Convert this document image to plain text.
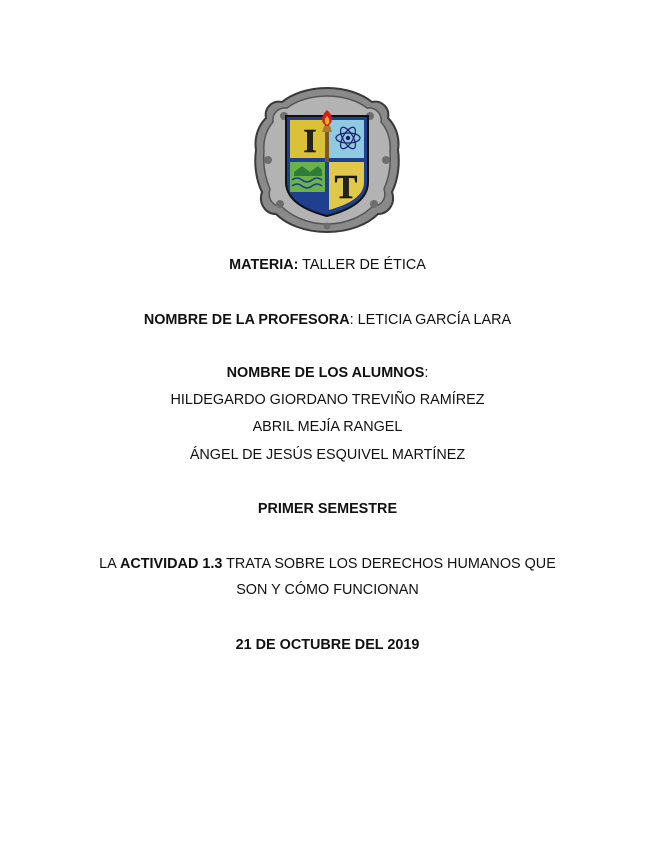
I
T
MATERIA: TALLER DE ÉTICA
NOMBRE DE LA PROFESORA: LETICIA GARCÍA LARA
NOMBRE DE LOS ALUMNOS:
HILDEGARDO GIORDANO TREVIÑO RAMÍREZ
ABRIL MEJÍA RANGEL
ÁNGEL DE JESÚS ESQUIVEL MARTÍNEZ
PRIMER SEMESTRE
LA ACTIVIDAD 1.3 TRATA SOBRE LOS DERECHOS HUMANOS QUE
SON Y CÓMO FUNCIONAN
21 DE OCTUBRE DEL 2019
